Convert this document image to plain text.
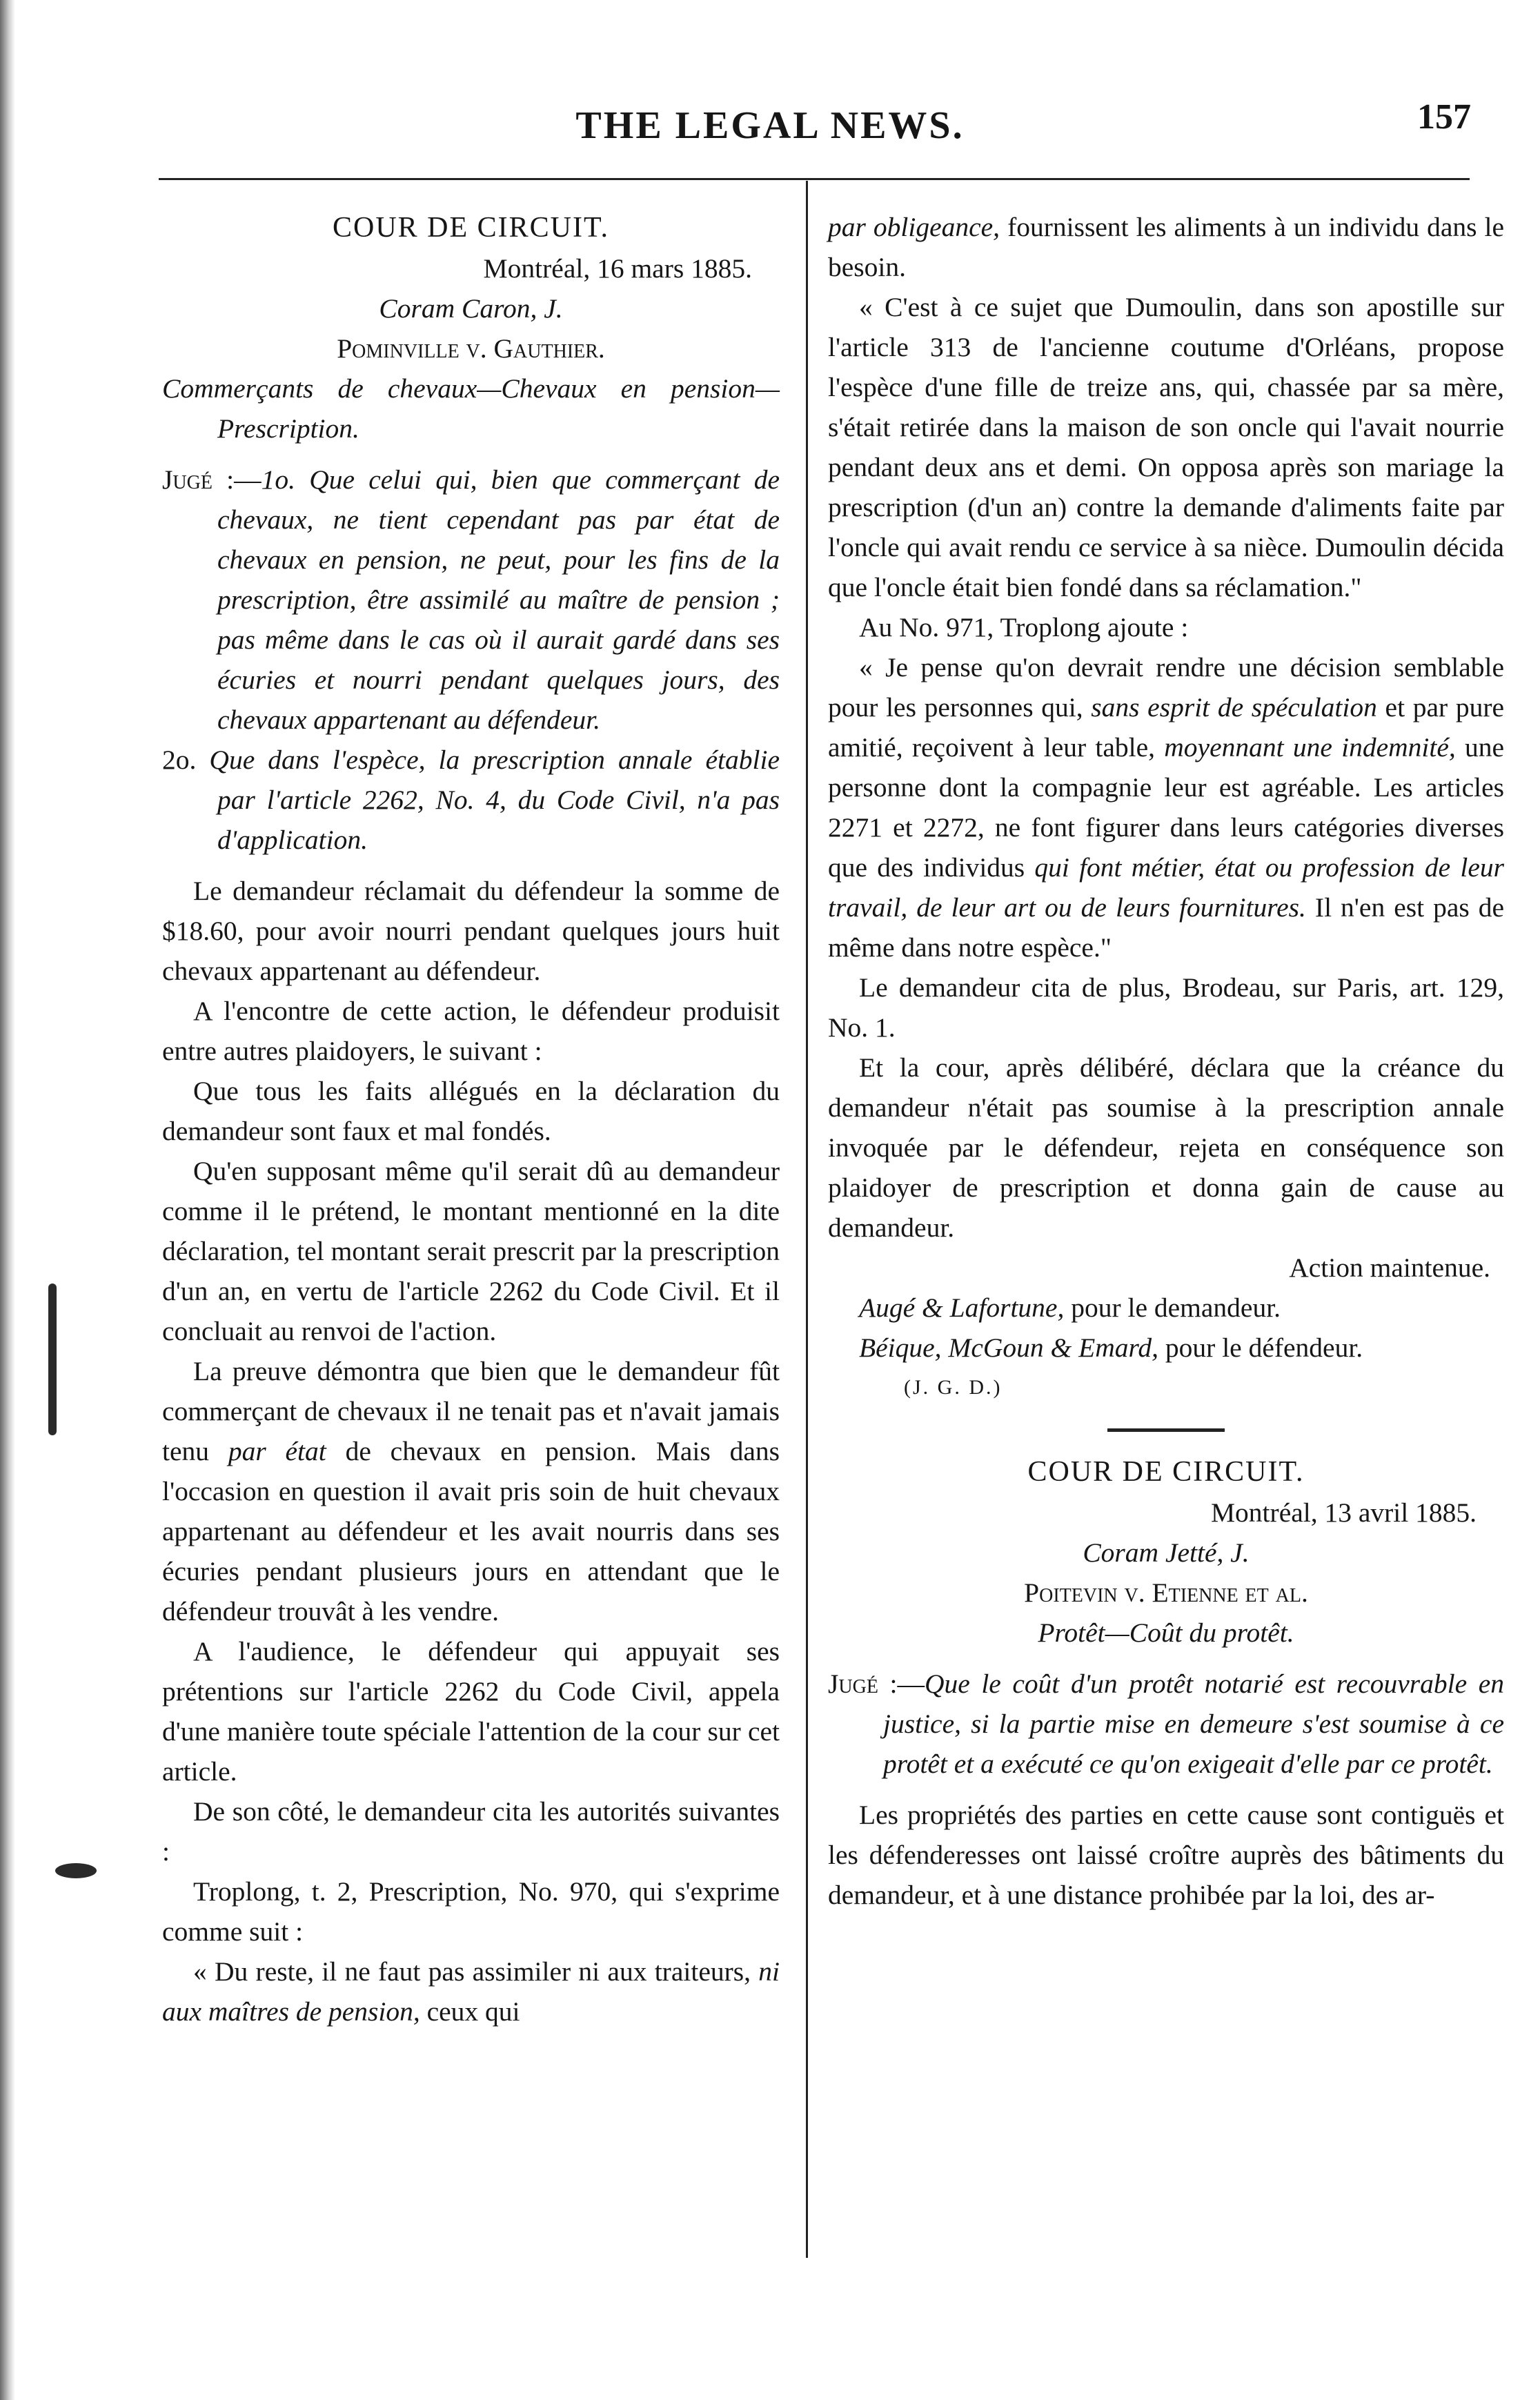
THE LEGAL NEWS.	157

COUR DE CIRCUIT.

Montréal, 16 mars 1885.

Coram Caron, J.

Pominville v. Gauthier.

Commerçants de chevaux—Chevaux en pension—Prescription.

Jugé :—1o. Que celui qui, bien que commerçant de chevaux, ne tient cependant pas par état de chevaux en pension, ne peut, pour les fins de la prescription, être assimilé au maître de pension ; pas même dans le cas où il aurait gardé dans ses écuries et nourri pendant quelques jours, des chevaux appartenant au défendeur.

2o. Que dans l'espèce, la prescription annale établie par l'article 2262, No. 4, du Code Civil, n'a pas d'application.

Le demandeur réclamait du défendeur la somme de $18.60, pour avoir nourri pendant quelques jours huit chevaux appartenant au défendeur.

A l'encontre de cette action, le défendeur produisit entre autres plaidoyers, le suivant :

Que tous les faits allégués en la déclaration du demandeur sont faux et mal fondés.

Qu'en supposant même qu'il serait dû au demandeur comme il le prétend, le montant mentionné en la dite déclaration, tel montant serait prescrit par la prescription d'un an, en vertu de l'article 2262 du Code Civil. Et il concluait au renvoi de l'action.

La preuve démontra que bien que le demandeur fût commerçant de chevaux il ne tenait pas et n'avait jamais tenu par état de chevaux en pension. Mais dans l'occasion en question il avait pris soin de huit chevaux appartenant au défendeur et les avait nourris dans ses écuries pendant plusieurs jours en attendant que le défendeur trouvât à les vendre.

A l'audience, le défendeur qui appuyait ses prétentions sur l'article 2262 du Code Civil, appela d'une manière toute spéciale l'attention de la cour sur cet article.

De son côté, le demandeur cita les autorités suivantes :

Troplong, t. 2, Prescription, No. 970, qui s'exprime comme suit :

« Du reste, il ne faut pas assimiler ni aux traiteurs, ni aux maîtres de pension, ceux qui

par obligeance, fournissent les aliments à un individu dans le besoin.

« C'est à ce sujet que Dumoulin, dans son apostille sur l'article 313 de l'ancienne coutume d'Orléans, propose l'espèce d'une fille de treize ans, qui, chassée par sa mère, s'était retirée dans la maison de son oncle qui l'avait nourrie pendant deux ans et demi. On opposa après son mariage la prescription (d'un an) contre la demande d'aliments faite par l'oncle qui avait rendu ce service à sa nièce. Dumoulin décida que l'oncle était bien fondé dans sa réclamation."

Au No. 971, Troplong ajoute :

« Je pense qu'on devrait rendre une décision semblable pour les personnes qui, sans esprit de spéculation et par pure amitié, reçoivent à leur table, moyennant une indemnité, une personne dont la compagnie leur est agréable. Les articles 2271 et 2272, ne font figurer dans leurs catégories diverses que des individus qui font métier, état ou profession de leur travail, de leur art ou de leurs fournitures. Il n'en est pas de même dans notre espèce."

Le demandeur cita de plus, Brodeau, sur Paris, art. 129, No. 1.

Et la cour, après délibéré, déclara que la créance du demandeur n'était pas soumise à la prescription annale invoquée par le défendeur, rejeta en conséquence son plaidoyer de prescription et donna gain de cause au demandeur.

Action maintenue.

Augé & Lafortune, pour le demandeur.

Béique, McGoun & Emard, pour le défendeur.

(J. G. D.)

COUR DE CIRCUIT.

Montréal, 13 avril 1885.

Coram Jetté, J.

Poitevin v. Etienne et al.

Protêt—Coût du protêt.

Jugé :—Que le coût d'un protêt notarié est recouvrable en justice, si la partie mise en demeure s'est soumise à ce protêt et a exécuté ce qu'on exigeait d'elle par ce protêt.

Les propriétés des parties en cette cause sont contiguës et les défenderesses ont laissé croître auprès des bâtiments du demandeur, et à une distance prohibée par la loi, des ar-
